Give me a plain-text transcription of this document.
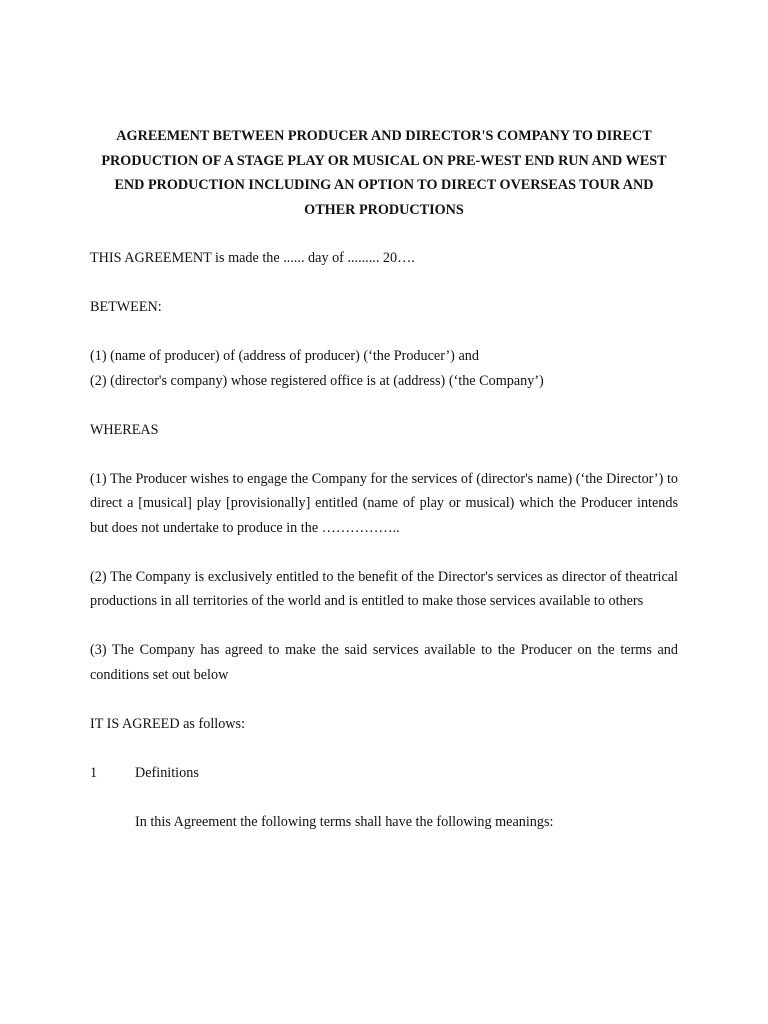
AGREEMENT BETWEEN PRODUCER AND DIRECTOR'S COMPANY TO DIRECT PRODUCTION OF A STAGE PLAY OR MUSICAL ON PRE-WEST END RUN AND WEST END PRODUCTION INCLUDING AN OPTION TO DIRECT OVERSEAS TOUR AND OTHER PRODUCTIONS

THIS AGREEMENT is made the ...... day of ......... 20….

BETWEEN:

(1) (name of producer) of (address of producer) (‘the Producer’) and

(2) (director's company) whose registered office is at (address) (‘the Company’)

WHEREAS

(1) The Producer wishes to engage the Company for the services of (director's name) (‘the Director’) to direct a [musical] play [provisionally] entitled (name of play or musical) which the Producer intends but does not undertake to produce in the ……………..

(2) The Company is exclusively entitled to the benefit of the Director's services as director of theatrical productions in all territories of the world and is entitled to make those services available to others

(3) The Company has agreed to make the said services available to the Producer on the terms and conditions set out below

IT IS AGREED as follows:

1	Definitions

In this Agreement the following terms shall have the following meanings:
